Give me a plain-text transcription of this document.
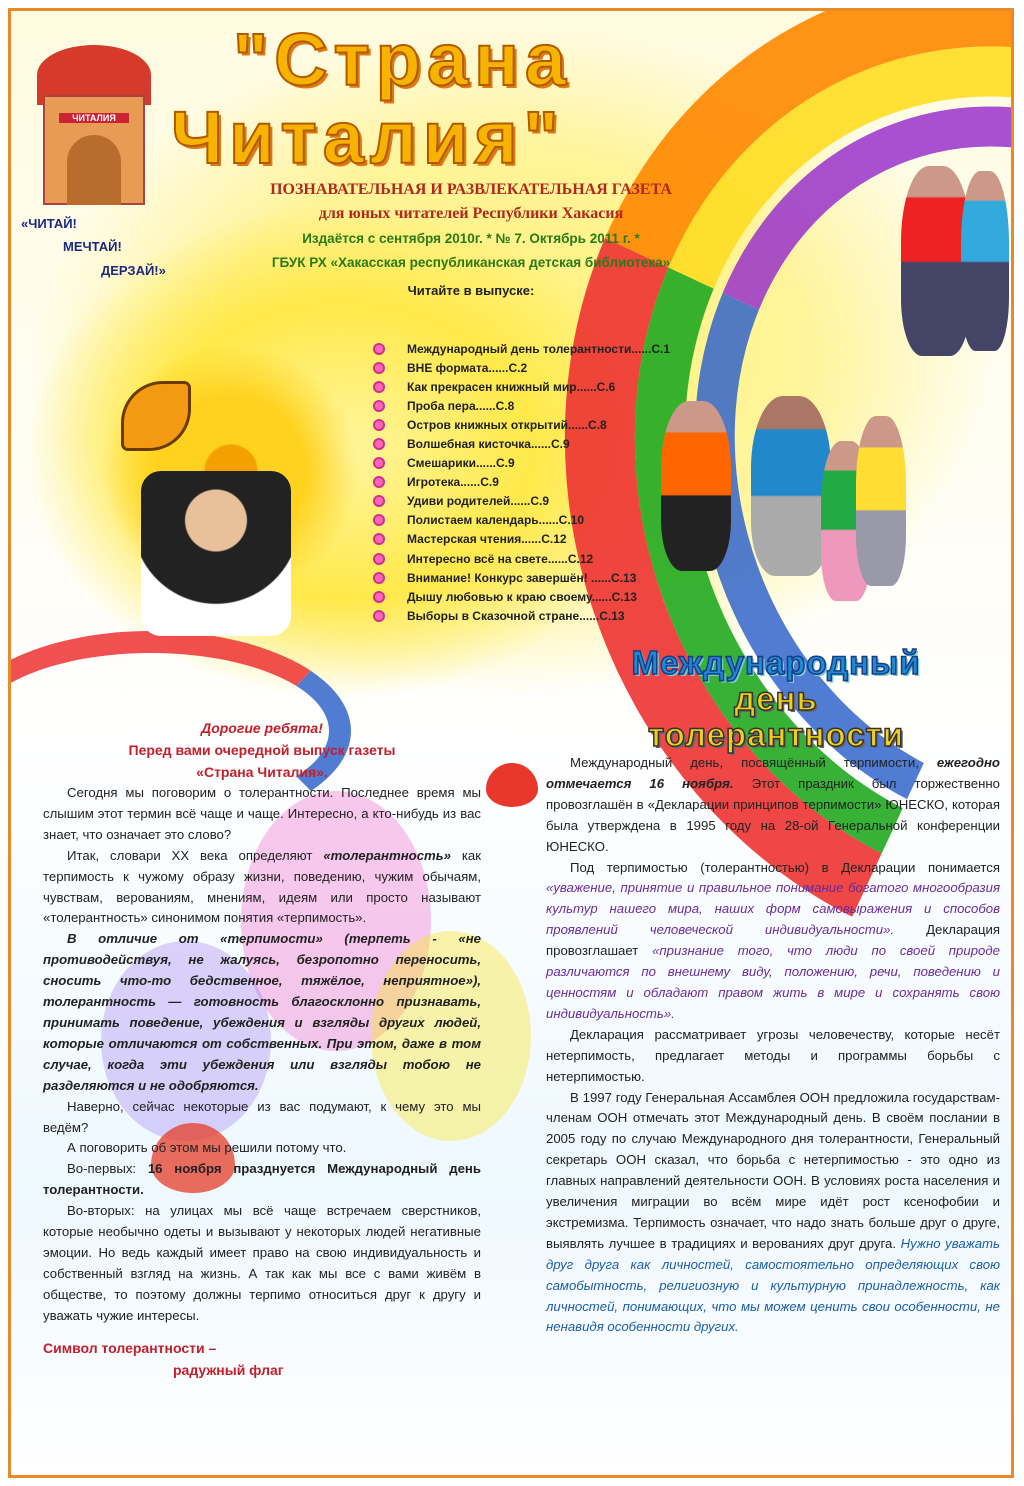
ЧИТАЛИЯ
«ЧИТАЙ!
МЕЧТАЙ!
ДЕРЗАЙ!»
"Страна
Читалия"
ПОЗНАВАТЕЛЬНАЯ И РАЗВЛЕКАТЕЛЬНАЯ ГАЗЕТА
для юных читателей Республики Хакасия
Издаётся с сентября 2010г. * № 7. Октябрь 2011 г. *
ГБУК РХ «Хакасская республиканская детская библиотека»
Читайте в выпуске:
Международный день толерантности......С.1
ВНЕ формата......С.2
Как прекрасен книжный мир......С.6
Проба пера......С.8
Остров книжных открытий......С.8
Волшебная кисточка......С.9
Смешарики......С.9
Игротека......С.9
Удиви родителей......С.9
Полистаем календарь......С.10
Мастерская чтения......С.12
Интересно всё на свете......С.12
Внимание! Конкурс завершён! ......С.13
Дышу любовью к краю своему......С.13
Выборы в Сказочной стране......С.13
Международный
день
толерантности
Дорогие ребята!
Перед вами очередной выпуск газеты
«Страна Читалия».

Сегодня мы поговорим о толерантности. Последнее время мы слышим этот термин всё чаще и чаще. Интересно, а кто-нибудь из вас знает, что означает это слово?

Итак, словари XX века определяют «толерантность» как терпимость к чужому образу жизни, поведению, чужим обычаям, чувствам, верованиям, мнениям, идеям или просто называют «толерантность» синонимом понятия «терпимость».

В отличие от «терпимости» (терпеть - «не противодействуя, не жалуясь, безропотно переносить, сносить что-то бедственное, тяжёлое, неприятное»), толерантность — готовность благосклонно признавать, принимать поведение, убеждения и взгляды других людей, которые отличаются от собственных. При этом, даже в том случае, когда эти убеждения или взгляды тобою не разделяются и не одобряются.

Наверно, сейчас некоторые из вас подумают, к чему это мы ведём?

А поговорить об этом мы решили потому что.

Во-первых: 16 ноября празднуется Международный день толерантности.

Во-вторых: на улицах мы всё чаще встречаем сверстников, которые необычно одеты и вызывают у некоторых людей негативные эмоции. Но ведь каждый имеет право на свою индивидуальность и собственный взгляд на жизнь. А так как мы все с вами живём в обществе, то поэтому должны терпимо относиться друг к другу и уважать чужие интересы.

Символ толерантности –
радужный флаг

Международный день, посвящённый терпимости, ежегодно отмечается 16 ноября. Этот праздник был торжественно провозглашён в «Декларации принципов терпимости» ЮНЕСКО, которая была утверждена в 1995 году на 28-ой Генеральной конференции ЮНЕСКО.

Под терпимостью (толерантностью) в Декларации понимается «уважение, принятие и правильное понимание богатого многообразия культур нашего мира, наших форм самовыражения и способов проявлений человеческой индивидуальности». Декларация провозглашает «признание того, что люди по своей природе различаются по внешнему виду, положению, речи, поведению и ценностям и обладают правом жить в мире и сохранять свою индивидуальность».

Декларация рассматривает угрозы человечеству, которые несёт нетерпимость, предлагает методы и программы борьбы с нетерпимостью.

В 1997 году Генеральная Ассамблея ООН предложила государствам-членам ООН отмечать этот Международный день. В своём послании в 2005 году по случаю Международного дня толерантности, Генеральный секретарь ООН сказал, что борьба с нетерпимостью - это одно из главных направлений деятельности ООН. В условиях роста населения и увеличения миграции во всём мире идёт рост ксенофобии и экстремизма. Терпимость означает, что надо знать больше друг о друге, выявлять лучшее в традициях и верованиях друг друга. Нужно уважать друг друга как личностей, самостоятельно определяющих свою самобытность, религиозную и культурную принадлежность, как личностей, понимающих, что мы можем ценить свои особенности, не ненавидя особенности других.
